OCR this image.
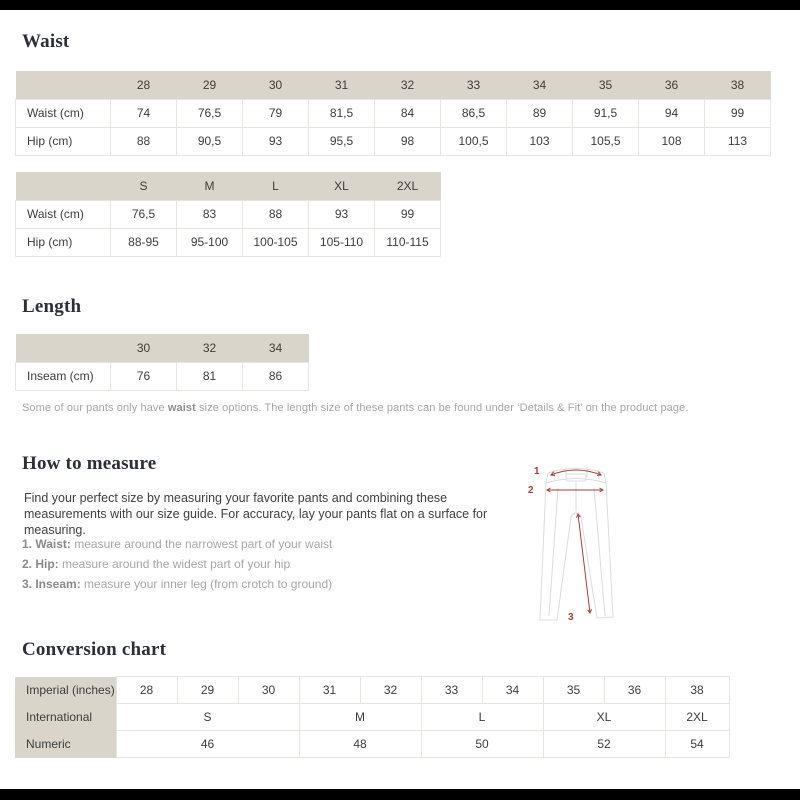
Waist
	28	29	30	31	32	33	34	35	36	38
Waist (cm)	74	76,5	79	81,5	84	86,5	89	91,5	94	99
Hip (cm)	88	90,5	93	95,5	98	100,5	103	105,5	108	113
	S	M	L	XL	2XL
Waist (cm)	76,5	83	88	93	99
Hip (cm)	88-95	95-100	100-105	105-110	110-115
Length
	30	32	34
Inseam (cm)	76	81	86

Some of our pants only have waist size options. The length size of these pants can be found under ‘Details & Fit’ on the product page.

How to measure

Find your perfect size by measuring your favorite pants and combining these measurements with our size guide. For accuracy, lay your pants flat on a surface for measuring.

1. Waist: measure around the narrowest part of your waist
2. Hip: measure around the widest part of your hip
3. Inseam: measure your inner leg (from crotch to ground)
1
2
3
Conversion chart
Imperial (inches)	28	29	30	31	32	33	34	35	36	38
International	S			M		L		XL		2XL
Numeric	46			48		50		52		54
